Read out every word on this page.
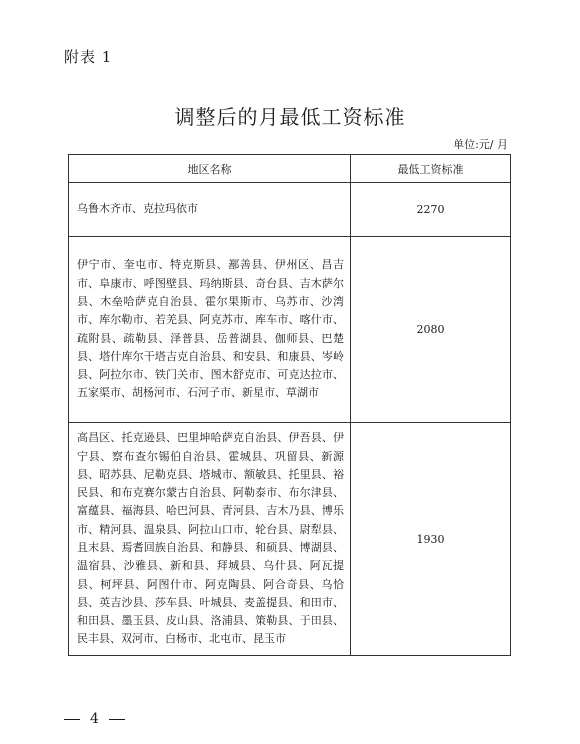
附表 1
调整后的月最低工资标准
单位:元/ 月
地区名称	最低工资标准
乌鲁木齐市、克拉玛依市	2270
伊宁市、奎屯市、特克斯县、鄯善县、伊州区、昌吉市、阜康市、呼图壁县、玛纳斯县、奇台县、吉木萨尔县、木垒哈萨克自治县、霍尔果斯市、乌苏市、沙湾市、库尔勒市、若羌县、阿克苏市、库车市、喀什市、疏附县、疏勒县、泽普县、岳普湖县、伽师县、巴楚县、塔什库尔干塔吉克自治县、和安县、和康县、岑岭县、阿拉尔市、铁门关市、图木舒克市、可克达拉市、五家渠市、胡杨河市、石河子市、新星市、草湖市	2080
高昌区、托克逊县、巴里坤哈萨克自治县、伊吾县、伊宁县、察布查尔锡伯自治县、霍城县、巩留县、新源县、昭苏县、尼勒克县、塔城市、额敏县、托里县、裕民县、和布克赛尔蒙古自治县、阿勒泰市、布尔津县、富蕴县、福海县、哈巴河县、青河县、吉木乃县、博乐市、精河县、温泉县、阿拉山口市、轮台县、尉犁县、且末县、焉耆回族自治县、和静县、和硕县、博湖县、温宿县、沙雅县、新和县、拜城县、乌什县、阿瓦提县、柯坪县、阿图什市、阿克陶县、阿合奇县、乌恰县、英吉沙县、莎车县、叶城县、麦盖提县、和田市、和田县、墨玉县、皮山县、洛浦县、策勒县、于田县、民丰县、双河市、白杨市、北屯市、昆玉市	1930
4
